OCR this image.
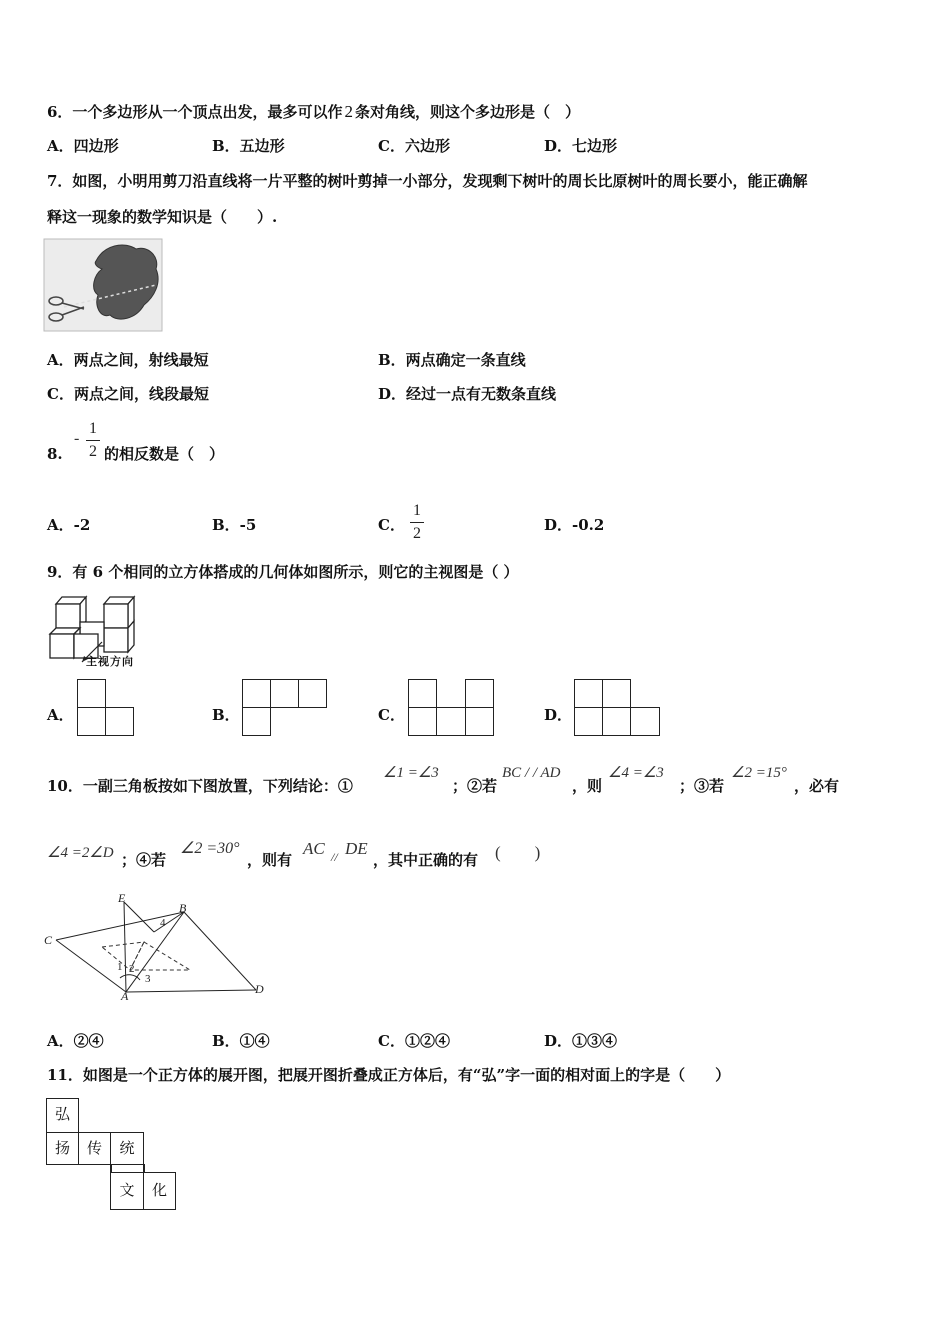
6．一个多边形从一个顶点出发，最多可以作 2 条对角线，则这个多边形是（　）
A．四边形	B．五边形	C．六边形	D．七边形
7．如图，小明用剪刀沿直线将一片平整的树叶剪掉一小部分，发现剩下树叶的周长比原树叶的周长要小，能正确解
释这一现象的数学知识是（　　）.
A．两点之间，射线最短	B．两点确定一条直线
C．两点之间，线段最短	D．经过一点有无数条直线
8.
-
1
2 的相反数是（　）
A．-2	B．-5	C．
1
2	D．-0.2
9．有 6 个相同的立方体搭成的几何体如图所示，则它的主视图是（ ）
主视方向
A．	B．	C．	D．
10．一副三角板按如下图放置，下列结论：①
∠1 =∠3
；②若
BC / / AD
，则
∠4 =∠3
；③若
∠2 =15°
，必有
∠4 =2∠D ；④若
∠2 =30°
，则有
AC // DE
，其中正确的有 (　　)
E
B
C
A	D
1 2
3
4
A．②④	B．①④	C．①②④	D．①③④
11．如图是一个正方体的展开图，把展开图折叠成正方体后，有“弘”字一面的相对面上的字是（　　）
弘
扬	传	统
文	化
